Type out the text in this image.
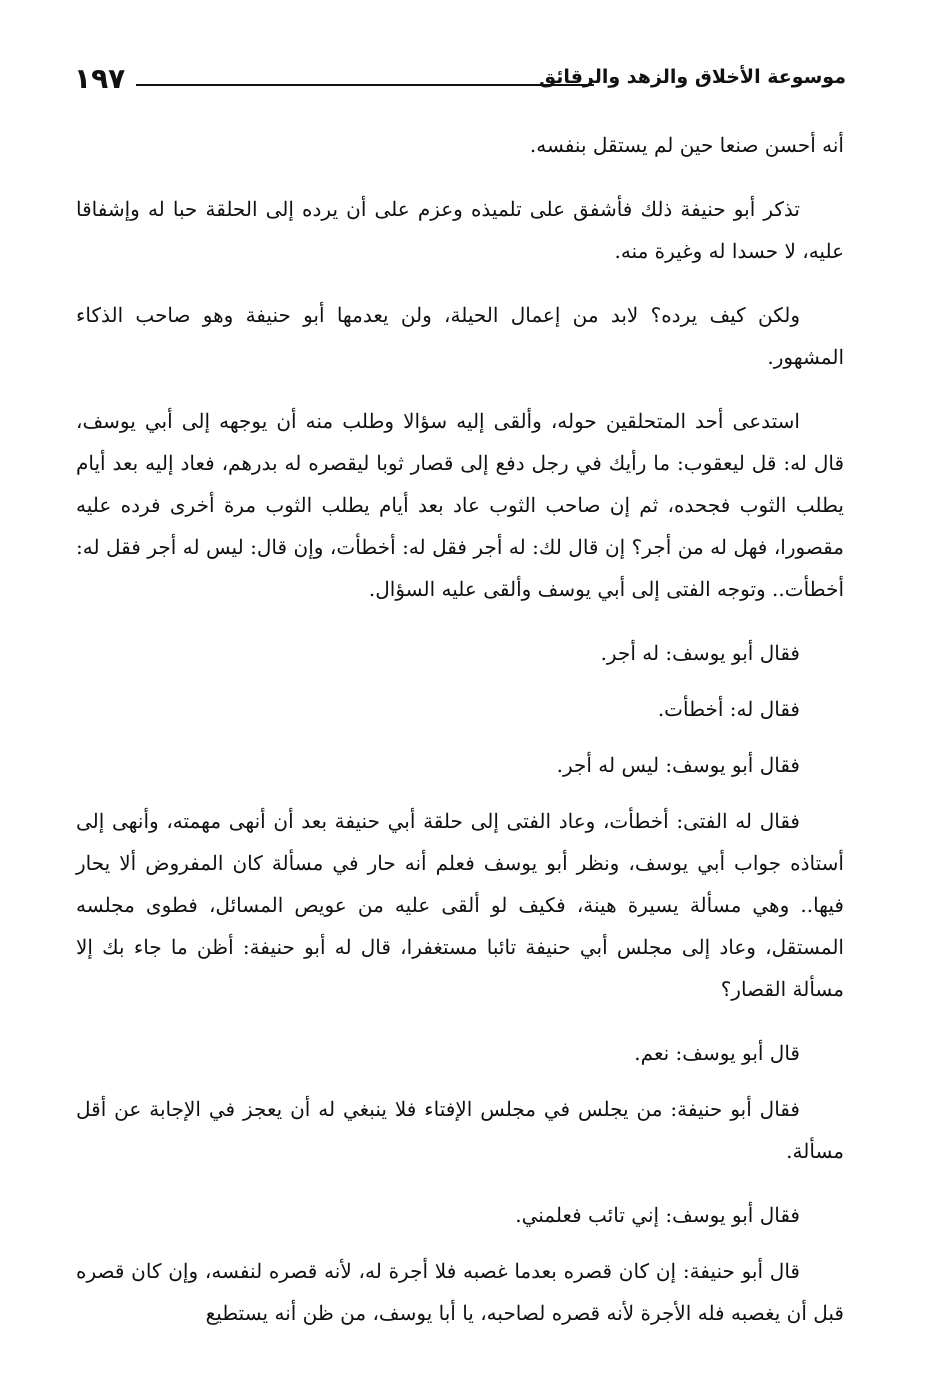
موسوعة الأخلاق والزهد والرقائق
١٩٧

أنه أحسن صنعا حين لم يستقل بنفسه.

تذكر أبو حنيفة ذلك فأشفق على تلميذه وعزم على أن يرده إلى الحلقة حبا له وإشفاقا عليه، لا حسدا له وغيرة منه.

ولكن كيف يرده؟ لابد من إعمال الحيلة، ولن يعدمها أبو حنيفة وهو صاحب الذكاء المشهور.

استدعى أحد المتحلقين حوله، وألقى إليه سؤالا وطلب منه أن يوجهه إلى أبي يوسف، قال له: قل ليعقوب: ما رأيك في رجل دفع إلى قصار ثوبا ليقصره له بدرهم، فعاد إليه بعد أيام يطلب الثوب فجحده، ثم إن صاحب الثوب عاد بعد أيام يطلب الثوب مرة أخرى فرده عليه مقصورا، فهل له من أجر؟ إن قال لك: له أجر فقل له: أخطأت، وإن قال: ليس له أجر فقل له: أخطأت.. وتوجه الفتى إلى أبي يوسف وألقى عليه السؤال.

فقال أبو يوسف: له أجر.

فقال له: أخطأت.

فقال أبو يوسف: ليس له أجر.

فقال له الفتى: أخطأت، وعاد الفتى إلى حلقة أبي حنيفة بعد أن أنهى مهمته، وأنهى إلى أستاذه جواب أبي يوسف، ونظر أبو يوسف فعلم أنه حار في مسألة كان المفروض ألا يحار فيها.. وهي مسألة يسيرة هينة، فكيف لو ألقى عليه من عويص المسائل، فطوى مجلسه المستقل، وعاد إلى مجلس أبي حنيفة تائبا مستغفرا، قال له أبو حنيفة: أظن ما جاء بك إلا مسألة القصار؟

قال أبو يوسف: نعم.

فقال أبو حنيفة: من يجلس في مجلس الإفتاء فلا ينبغي له أن يعجز في الإجابة عن أقل مسألة.

فقال أبو يوسف: إني تائب فعلمني.

قال أبو حنيفة: إن كان قصره بعدما غصبه فلا أجرة له، لأنه قصره لنفسه، وإن كان قصره قبل أن يغصبه فله الأجرة لأنه قصره لصاحبه، يا أبا يوسف، من ظن أنه يستطيع
